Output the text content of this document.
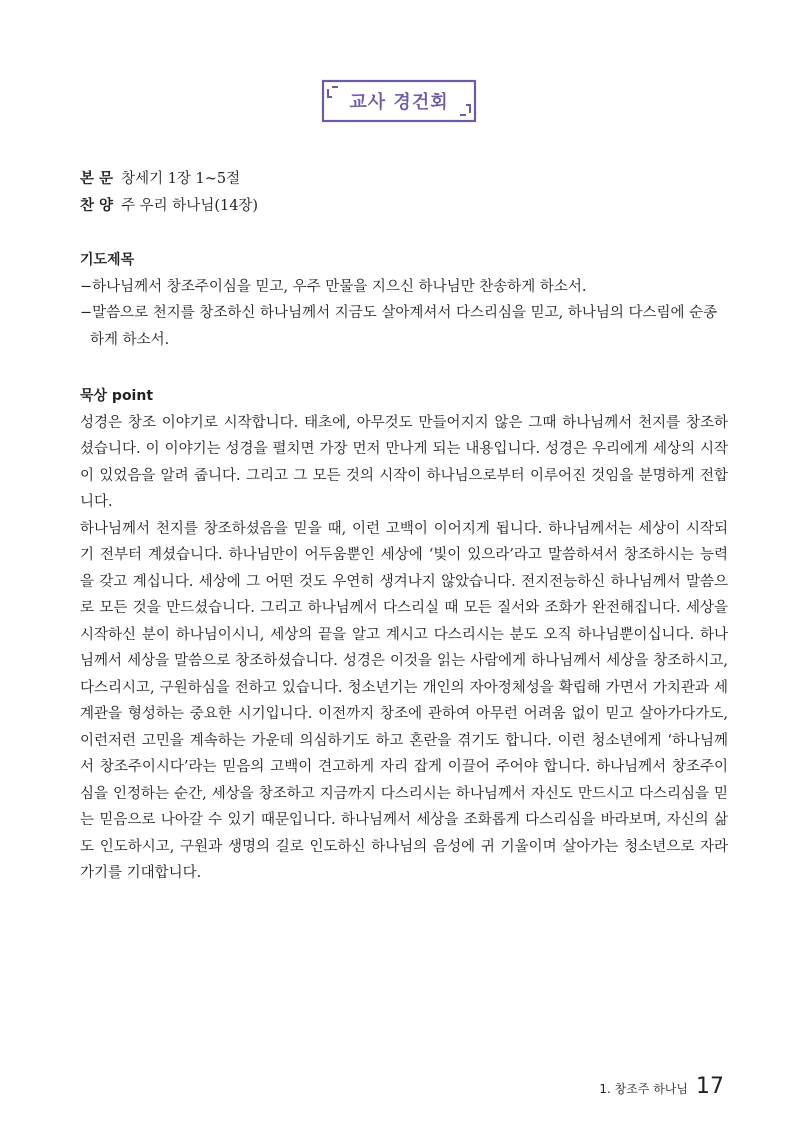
교사 경건회
본 문 창세기 1장 1~5절
찬 양 주 우리 하나님(14장)
기도제목
−하나님께서 창조주이심을 믿고, 우주 만물을 지으신 하나님만 찬송하게 하소서.
−말씀으로 천지를 창조하신 하나님께서 지금도 살아계셔서 다스리심을 믿고, 하나님의 다스림에 순종하게 하소서.
묵상 point

성경은 창조 이야기로 시작합니다. 태초에, 아무것도 만들어지지 않은 그때 하나님께서 천지를 창조하셨습니다. 이 이야기는 성경을 펼치면 가장 먼저 만나게 되는 내용입니다. 성경은 우리에게 세상의 시작이 있었음을 알려 줍니다. 그리고 그 모든 것의 시작이 하나님으로부터 이루어진 것임을 분명하게 전합니다.

하나님께서 천지를 창조하셨음을 믿을 때, 이런 고백이 이어지게 됩니다. 하나님께서는 세상이 시작되기 전부터 계셨습니다. 하나님만이 어두움뿐인 세상에 ‘빛이 있으라’라고 말씀하셔서 창조하시는 능력을 갖고 계십니다. 세상에 그 어떤 것도 우연히 생겨나지 않았습니다. 전지전능하신 하나님께서 말씀으로 모든 것을 만드셨습니다. 그리고 하나님께서 다스리실 때 모든 질서와 조화가 완전해집니다. 세상을 시작하신 분이 하나님이시니, 세상의 끝을 알고 계시고 다스리시는 분도 오직 하나님뿐이십니다. 하나님께서 세상을 말씀으로 창조하셨습니다. 성경은 이것을 읽는 사람에게 하나님께서 세상을 창조하시고, 다스리시고, 구원하심을 전하고 있습니다. 청소년기는 개인의 자아정체성을 확립해 가면서 가치관과 세계관을 형성하는 중요한 시기입니다. 이전까지 창조에 관하여 아무런 어려움 없이 믿고 살아가다가도, 이런저런 고민을 계속하는 가운데 의심하기도 하고 혼란을 겪기도 합니다. 이런 청소년에게 ‘하나님께서 창조주이시다’라는 믿음의 고백이 견고하게 자리 잡게 이끌어 주어야 합니다. 하나님께서 창조주이심을 인정하는 순간, 세상을 창조하고 지금까지 다스리시는 하나님께서 자신도 만드시고 다스리심을 믿는 믿음으로 나아갈 수 있기 때문입니다. 하나님께서 세상을 조화롭게 다스리심을 바라보며, 자신의 삶도 인도하시고, 구원과 생명의 길로 인도하신 하나님의 음성에 귀 기울이며 살아가는 청소년으로 자라가기를 기대합니다.

1. 창조주 하나님 17
